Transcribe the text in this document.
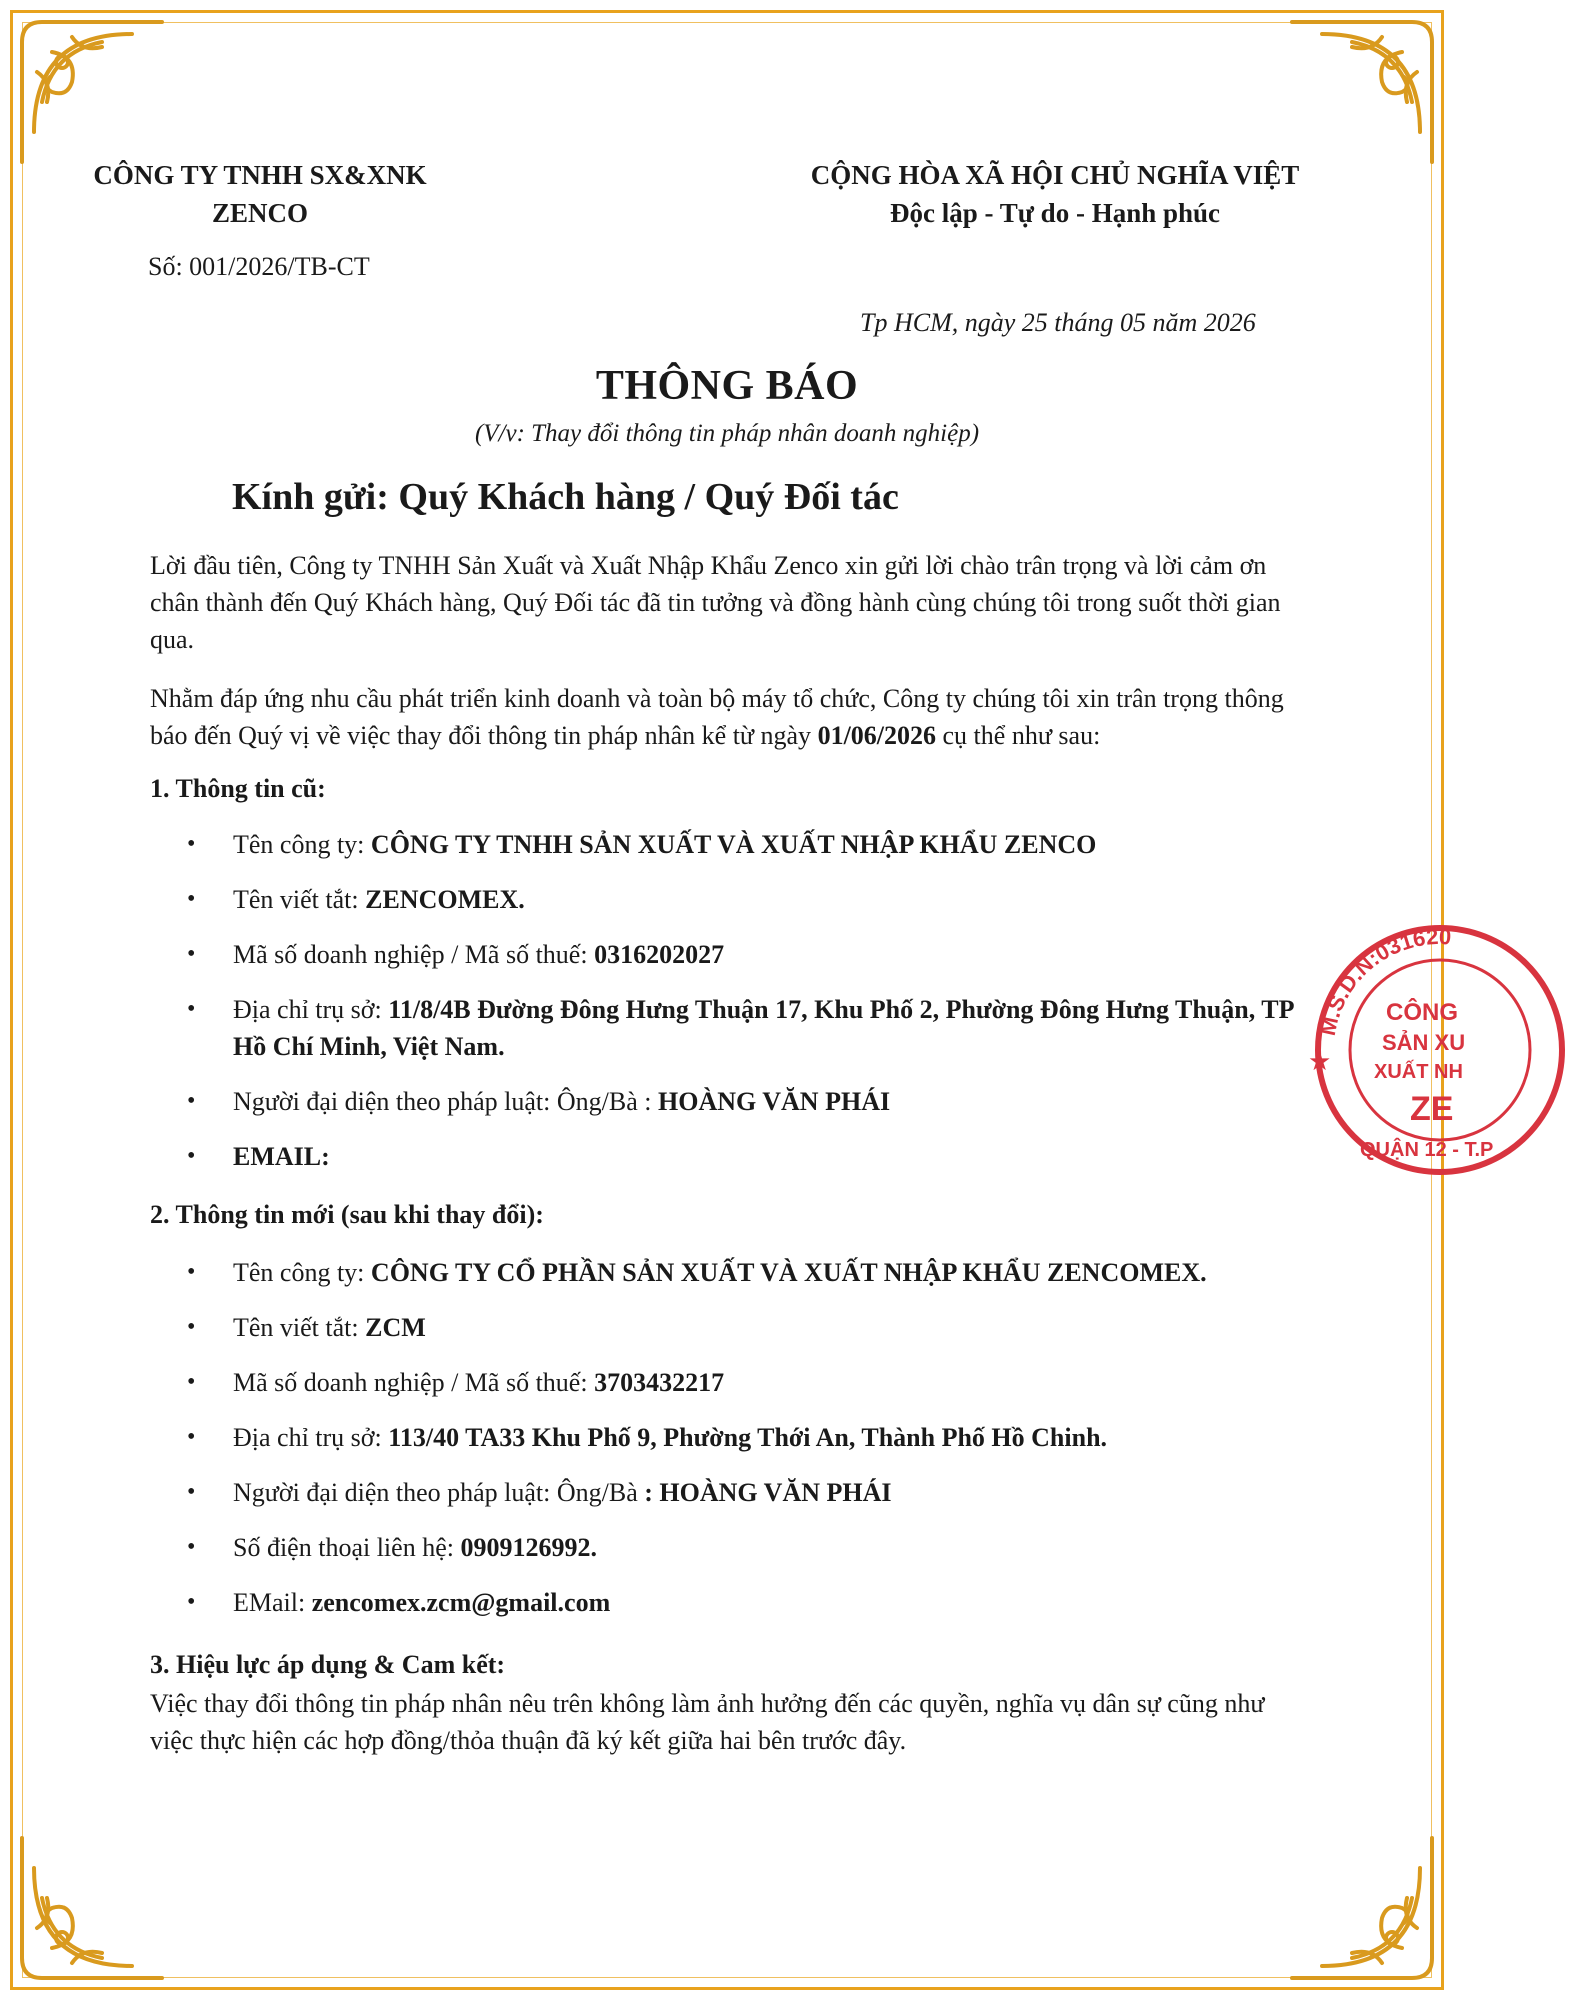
CÔNG TY TNHH SX&XNK
ZENCO
CỘNG HÒA XÃ HỘI CHỦ NGHĨA VIỆT
Độc lập - Tự do - Hạnh phúc
Số: 001/2026/TB-CT
Tp HCM, ngày 25 tháng 05 năm 2026
THÔNG BÁO
(V/v: Thay đổi thông tin pháp nhân doanh nghiệp)
Kính gửi: Quý Khách hàng / Quý Đối tác
Lời đầu tiên, Công ty TNHH Sản Xuất và Xuất Nhập Khẩu Zenco xin gửi lời chào trân trọng và lời cảm ơn chân thành đến Quý Khách hàng, Quý Đối tác đã tin tưởng và đồng hành cùng chúng tôi trong suốt thời gian qua.
Nhằm đáp ứng nhu cầu phát triển kinh doanh và toàn bộ máy tổ chức, Công ty chúng tôi xin trân trọng thông báo đến Quý vị về việc thay đổi thông tin pháp nhân kể từ ngày 01/06/2026 cụ thể như sau:
1. Thông tin cũ:
• Tên công ty: CÔNG TY TNHH SẢN XUẤT VÀ XUẤT NHẬP KHẨU ZENCO
• Tên viết tắt: ZENCOMEX.
• Mã số doanh nghiệp / Mã số thuế: 0316202027
• Địa chỉ trụ sở: 11/8/4B Đường Đông Hưng Thuận 17, Khu Phố 2, Phường Đông Hưng Thuận, TP Hồ Chí Minh, Việt Nam.
• Người đại diện theo pháp luật: Ông/Bà : HOÀNG VĂN PHÁI
• EMAIL:
2. Thông tin mới (sau khi thay đổi):
• Tên công ty: CÔNG TY CỔ PHẦN SẢN XUẤT VÀ XUẤT NHẬP KHẨU ZENCOMEX.
• Tên viết tắt: ZCM
• Mã số doanh nghiệp / Mã số thuế: 3703432217
• Địa chỉ trụ sở: 113/40 TA33 Khu Phố 9, Phường Thới An, Thành Phố Hồ Chinh.
• Người đại diện theo pháp luật: Ông/Bà : HOÀNG VĂN PHÁI
• Số điện thoại liên hệ: 0909126992.
• EMail: zencomex.zcm@gmail.com
3. Hiệu lực áp dụng & Cam kết:
Việc thay đổi thông tin pháp nhân nêu trên không làm ảnh hưởng đến các quyền, nghĩa vụ dân sự cũng như việc thực hiện các hợp đồng/thỏa thuận đã ký kết giữa hai bên trước đây.
M.S.D.N:031620
★
CÔNG
SẢN XU
XUẤT NH
ZE
QUẬN 12 - T.P
